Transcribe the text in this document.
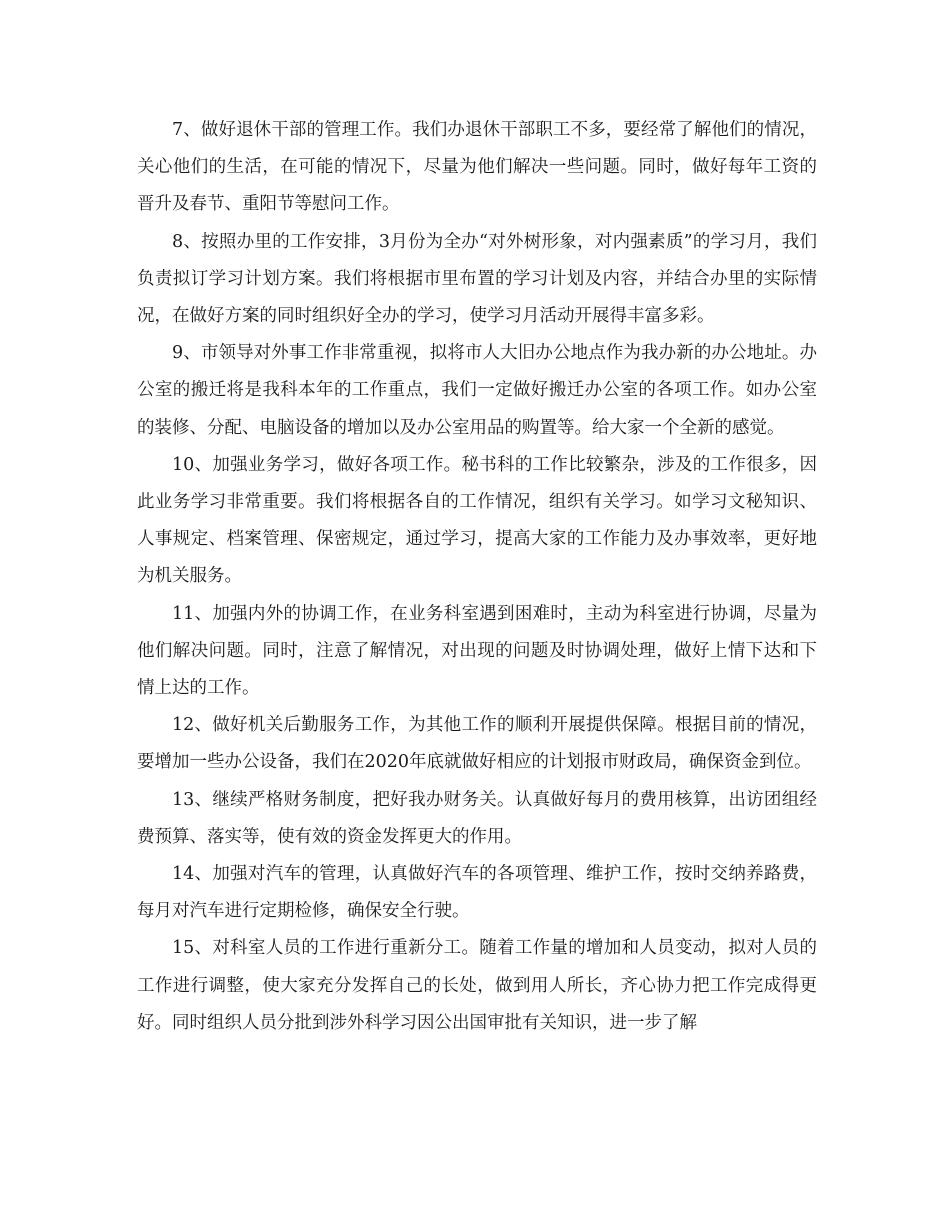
7、做好退休干部的管理工作。我们办退休干部职工不多，要经常了解他们的情况，关心他们的生活，在可能的情况下，尽量为他们解决一些问题。同时，做好每年工资的晋升及春节、重阳节等慰问工作。

8、按照办里的工作安排，3月份为全办“对外树形象，对内强素质”的学习月，我们负责拟订学习计划方案。我们将根据市里布置的学习计划及内容，并结合办里的实际情况，在做好方案的同时组织好全办的学习，使学习月活动开展得丰富多彩。

9、市领导对外事工作非常重视，拟将市人大旧办公地点作为我办新的办公地址。办公室的搬迁将是我科本年的工作重点，我们一定做好搬迁办公室的各项工作。如办公室的装修、分配、电脑设备的增加以及办公室用品的购置等。给大家一个全新的感觉。

10、加强业务学习，做好各项工作。秘书科的工作比较繁杂，涉及的工作很多，因此业务学习非常重要。我们将根据各自的工作情况，组织有关学习。如学习文秘知识、人事规定、档案管理、保密规定，通过学习，提高大家的工作能力及办事效率，更好地为机关服务。

11、加强内外的协调工作，在业务科室遇到困难时，主动为科室进行协调，尽量为他们解决问题。同时，注意了解情况，对出现的问题及时协调处理，做好上情下达和下情上达的工作。

12、做好机关后勤服务工作，为其他工作的顺利开展提供保障。根据目前的情况，要增加一些办公设备，我们在2020年底就做好相应的计划报市财政局，确保资金到位。

13、继续严格财务制度，把好我办财务关。认真做好每月的费用核算，出访团组经费预算、落实等，使有效的资金发挥更大的作用。

14、加强对汽车的管理，认真做好汽车的各项管理、维护工作，按时交纳养路费，每月对汽车进行定期检修，确保安全行驶。

15、对科室人员的工作进行重新分工。随着工作量的增加和人员变动，拟对人员的工作进行调整，使大家充分发挥自己的长处，做到用人所长，齐心协力把工作完成得更好。同时组织人员分批到涉外科学习因公出国审批有关知识，进一步了解
